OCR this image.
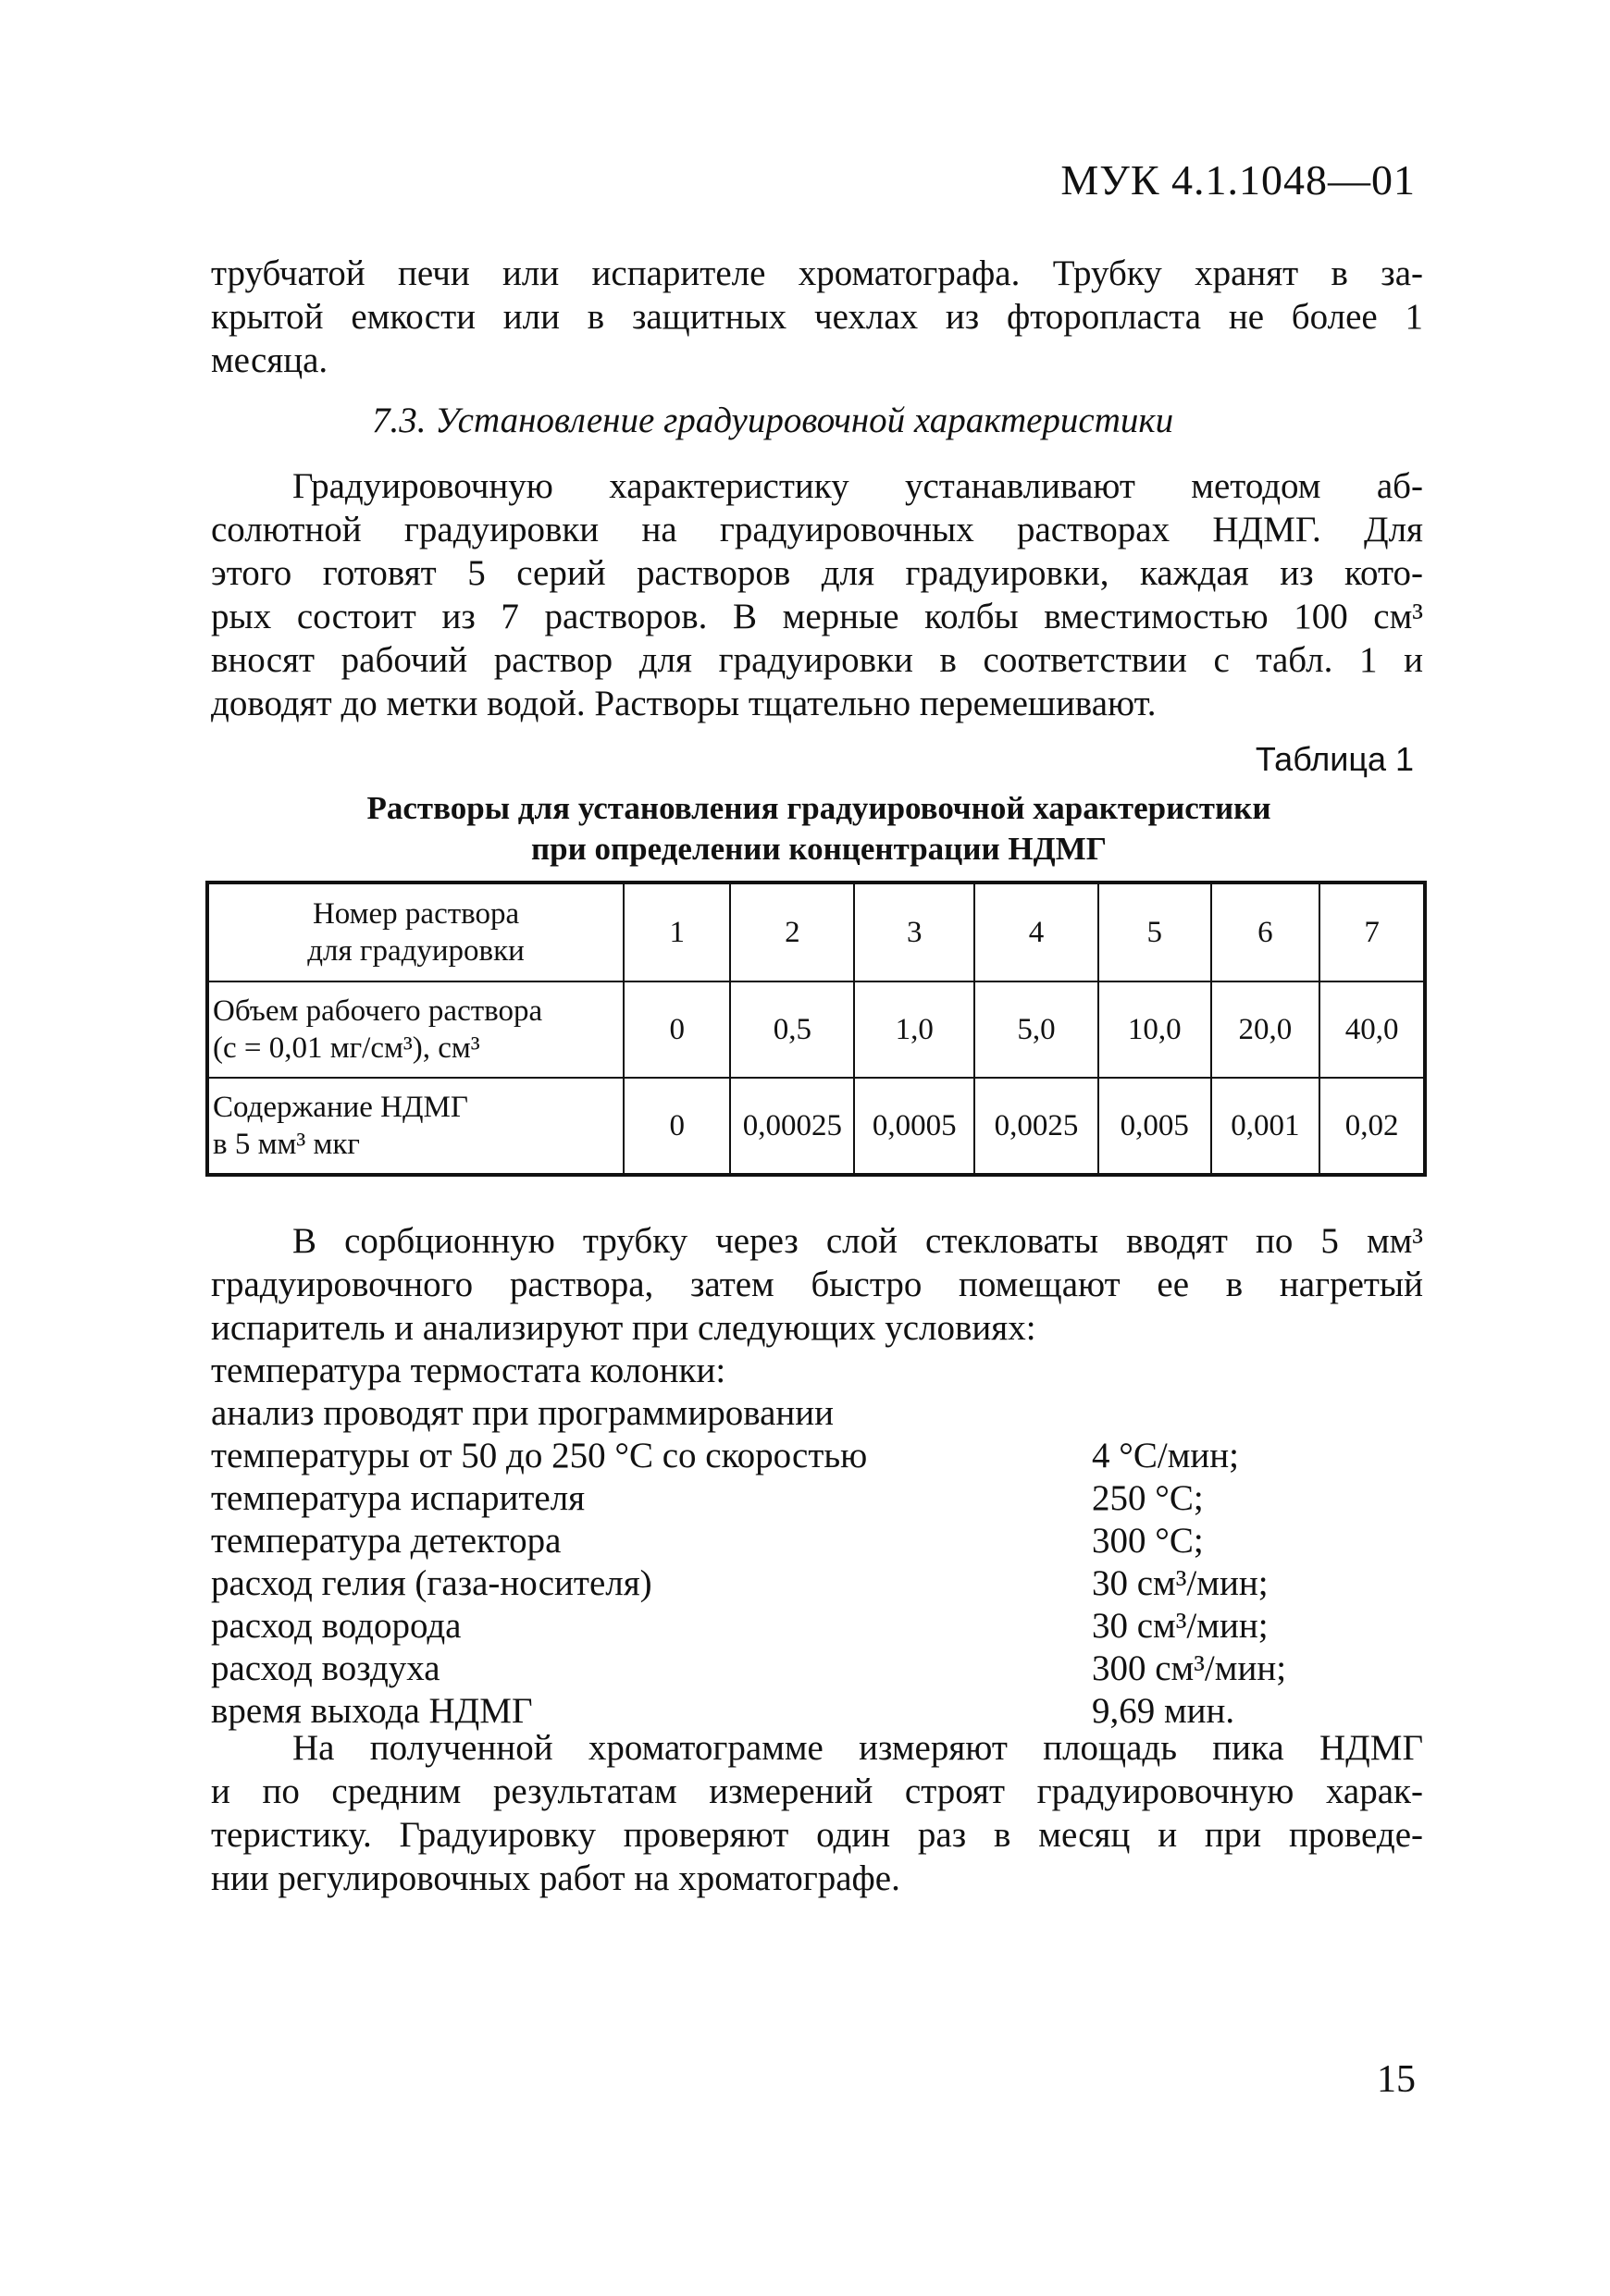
МУК 4.1.1048—01
трубчатой печи или испарителе хроматографа. Трубку хранят в за-
крытой емкости или в защитных чехлах из фторопласта не более 1
месяца.
7.3. Установление градуировочной характеристики
Градуировочную характеристику устанавливают методом аб-
солютной градуировки на градуировочных растворах НДМГ. Для
этого готовят 5 серий растворов для градуировки, каждая из кото-
рых состоит из 7 растворов. В мерные колбы вместимостью 100 см³
вносят рабочий раствор для градуировки в соответствии с табл. 1 и
доводят до метки водой. Растворы тщательно перемешивают.
Таблица 1
Растворы для установления градуировочной характеристики
при определении концентрации НДМГ
Номер раствора
для градуировки	1	2	3	4	5	6	7

Объем рабочего раствора
(с = 0,01 мг/см³), см³	0	0,5	1,0	5,0	10,0	20,0	40,0

Содержание НДМГ
в 5 мм³ мкг	0	0,00025	0,0005	0,0025	0,005	0,001	0,02
В сорбционную трубку через слой стекловаты вводят по 5 мм³
градуировочного раствора, затем быстро помещают ее в нагретый
испаритель и анализируют при следующих условиях:
температура термостата колонки:
анализ проводят при программировании
температуры от 50 до 250 °С со скоростью	4 °С/мин;
температура испарителя	250 °С;
температура детектора	300 °С;
расход гелия (газа-носителя)	30 см³/мин;
расход водорода	30 см³/мин;
расход воздуха	300 см³/мин;
время выхода НДМГ	9,69 мин.
На полученной хроматограмме измеряют площадь пика НДМГ
и по средним результатам измерений строят градуировочную харак-
теристику. Градуировку проверяют один раз в месяц и при проведе-
нии регулировочных работ на хроматографе.
15
